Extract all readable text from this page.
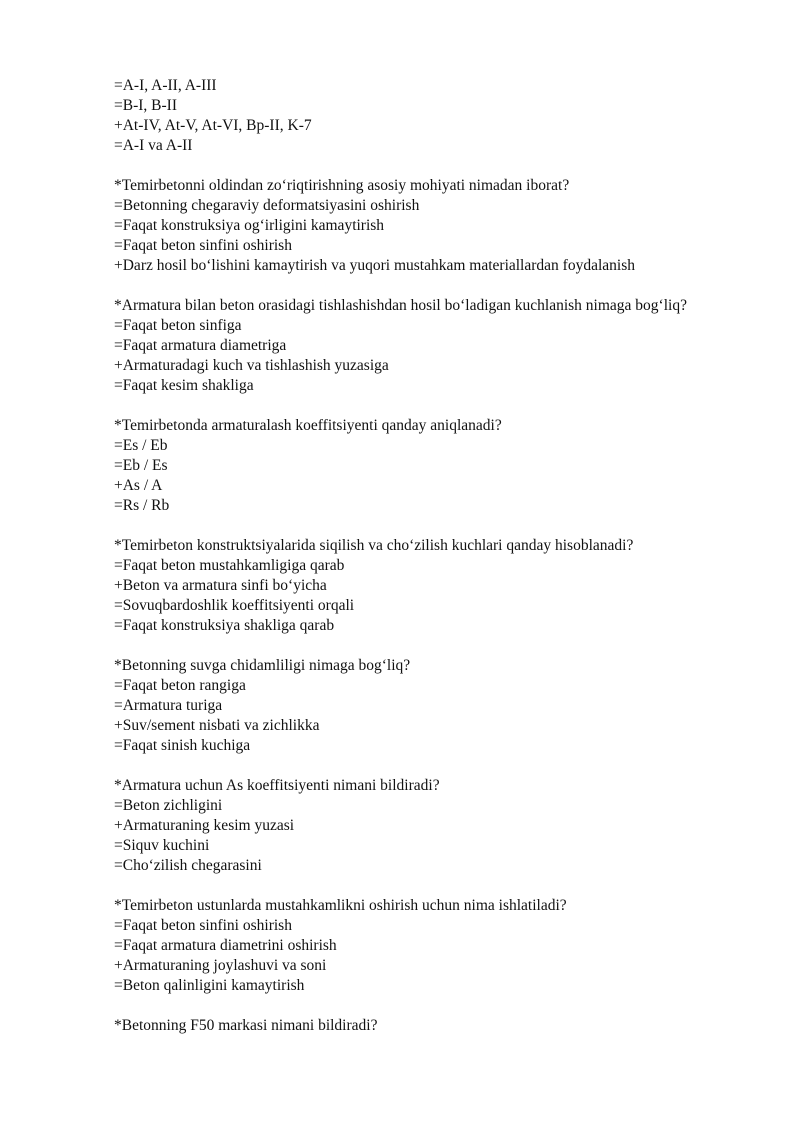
=A-I, A-II, A-III
=B-I, B-II
+At-IV, At-V, At-VI, Bp-II, K-7
=A-I va A-II
*Temirbetonni oldindan zo‘riqtirishning asosiy mohiyati nimadan iborat?
=Betonning chegaraviy deformatsiyasini oshirish
=Faqat konstruksiya og‘irligini kamaytirish
=Faqat beton sinfini oshirish
+Darz hosil bo‘lishini kamaytirish va yuqori mustahkam materiallardan foydalanish
*Armatura bilan beton orasidagi tishlashishdan hosil bo‘ladigan kuchlanish nimaga bog‘liq?
=Faqat beton sinfiga
=Faqat armatura diametriga
+Armaturadagi kuch va tishlashish yuzasiga
=Faqat kesim shakliga
*Temirbetonda armaturalash koeffitsiyenti qanday aniqlanadi?
=Es / Eb
=Eb / Es
+As / A
=Rs / Rb
*Temirbeton konstruktsiyalarida siqilish va cho‘zilish kuchlari qanday hisoblanadi?
=Faqat beton mustahkamligiga qarab
+Beton va armatura sinfi bo‘yicha
=Sovuqbardoshlik koeffitsiyenti orqali
=Faqat konstruksiya shakliga qarab
*Betonning suvga chidamliligi nimaga bog‘liq?
=Faqat beton rangiga
=Armatura turiga
+Suv/sement nisbati va zichlikka
=Faqat sinish kuchiga
*Armatura uchun As koeffitsiyenti nimani bildiradi?
=Beton zichligini
+Armaturaning kesim yuzasi
=Siquv kuchini
=Cho‘zilish chegarasini
*Temirbeton ustunlarda mustahkamlikni oshirish uchun nima ishlatiladi?
=Faqat beton sinfini oshirish
=Faqat armatura diametrini oshirish
+Armaturaning joylashuvi va soni
=Beton qalinligini kamaytirish
*Betonning F50 markasi nimani bildiradi?
